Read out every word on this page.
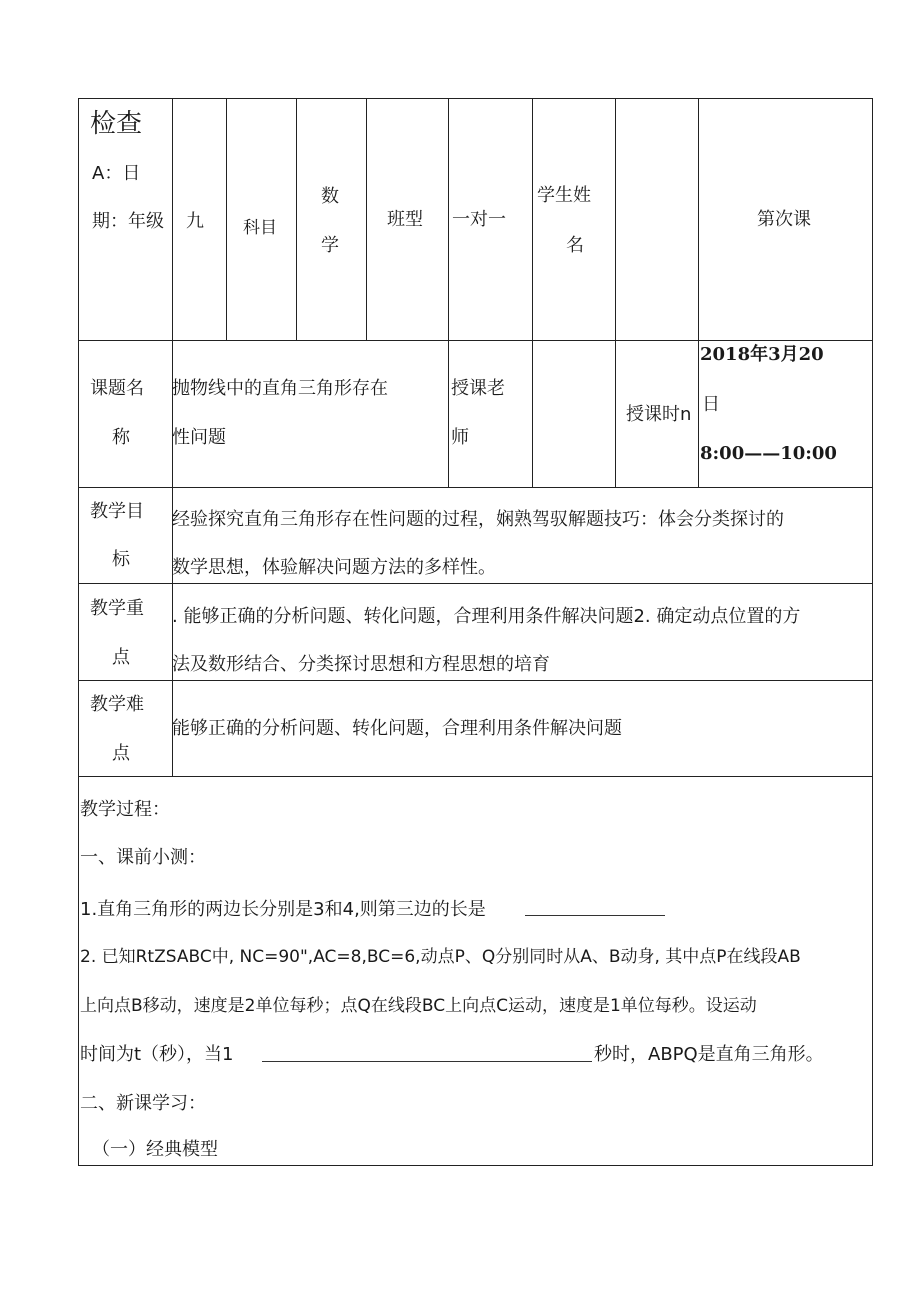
检查
A：日
期：年级 九 科目
数
学
班型 一对一
学生姓
名
第次课
课题名
称
抛物线中的直角三角形存在
性问题
授课老
师
授课时n
2018年3月20
日
8:00——10:00
教学目
标
经验探究直角三角形存在性问题的过程，娴熟驾驭解题技巧：体会分类探讨的
数学思想，体验解决问题方法的多样性。
教学重
点
. 能够正确的分析问题、转化问题，合理利用条件解决问题2. 确定动点位置的方
法及数形结合、分类探讨思想和方程思想的培育
教学难
点
能够正确的分析问题、转化问题，合理利用条件解决问题
教学过程：
一、课前小测：
1.直角三角形的两边长分别是3和4,则第三边的长是
2. 已知RtZSABC中, NC=90",AC=8,BC=6,动点P、Q分别同时从A、B动身, 其中点P在线段AB
上向点B移动，速度是2单位每秒；点Q在线段BC上向点C运动，速度是1单位每秒。设运动
时间为t（秒），当1	秒时，ABPQ是直角三角形。
二、新课学习：
（一）经典模型
